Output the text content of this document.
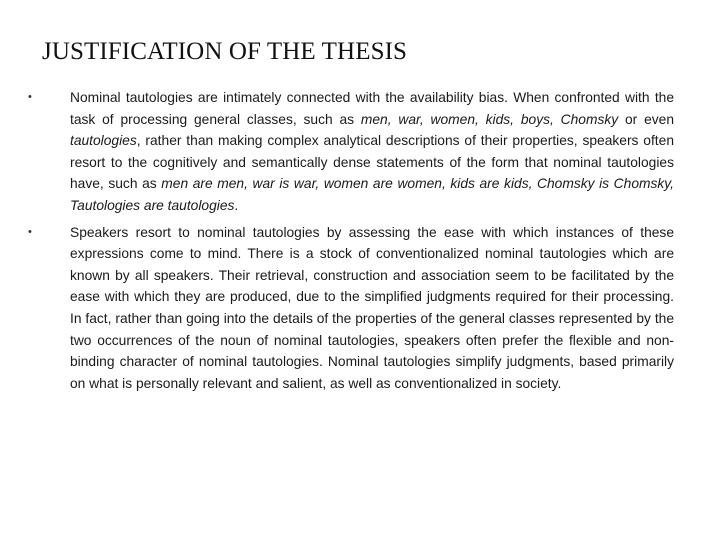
JUSTIFICATION OF THE THESIS
•	Nominal tautologies are intimately connected with the availability bias. When confronted with the task of processing general classes, such as men, war, women, kids, boys, Chomsky or even tautologies, rather than making complex analytical descriptions of their properties, speakers often resort to the cognitively and semantically dense statements of the form that nominal tautologies have, such as men are men, war is war, women are women, kids are kids, Chomsky is Chomsky, Tautologies are tautologies.
•	Speakers resort to nominal tautologies by assessing the ease with which instances of these expressions come to mind. There is a stock of conventionalized nominal tautologies which are known by all speakers. Their retrieval, construction and association seem to be facilitated by the ease with which they are produced, due to the simplified judgments required for their processing. In fact, rather than going into the details of the properties of the general classes represented by the two occurrences of the noun of nominal tautologies, speakers often prefer the flexible and non-binding character of nominal tautologies. Nominal tautologies simplify judgments, based primarily on what is personally relevant and salient, as well as conventionalized in society.
